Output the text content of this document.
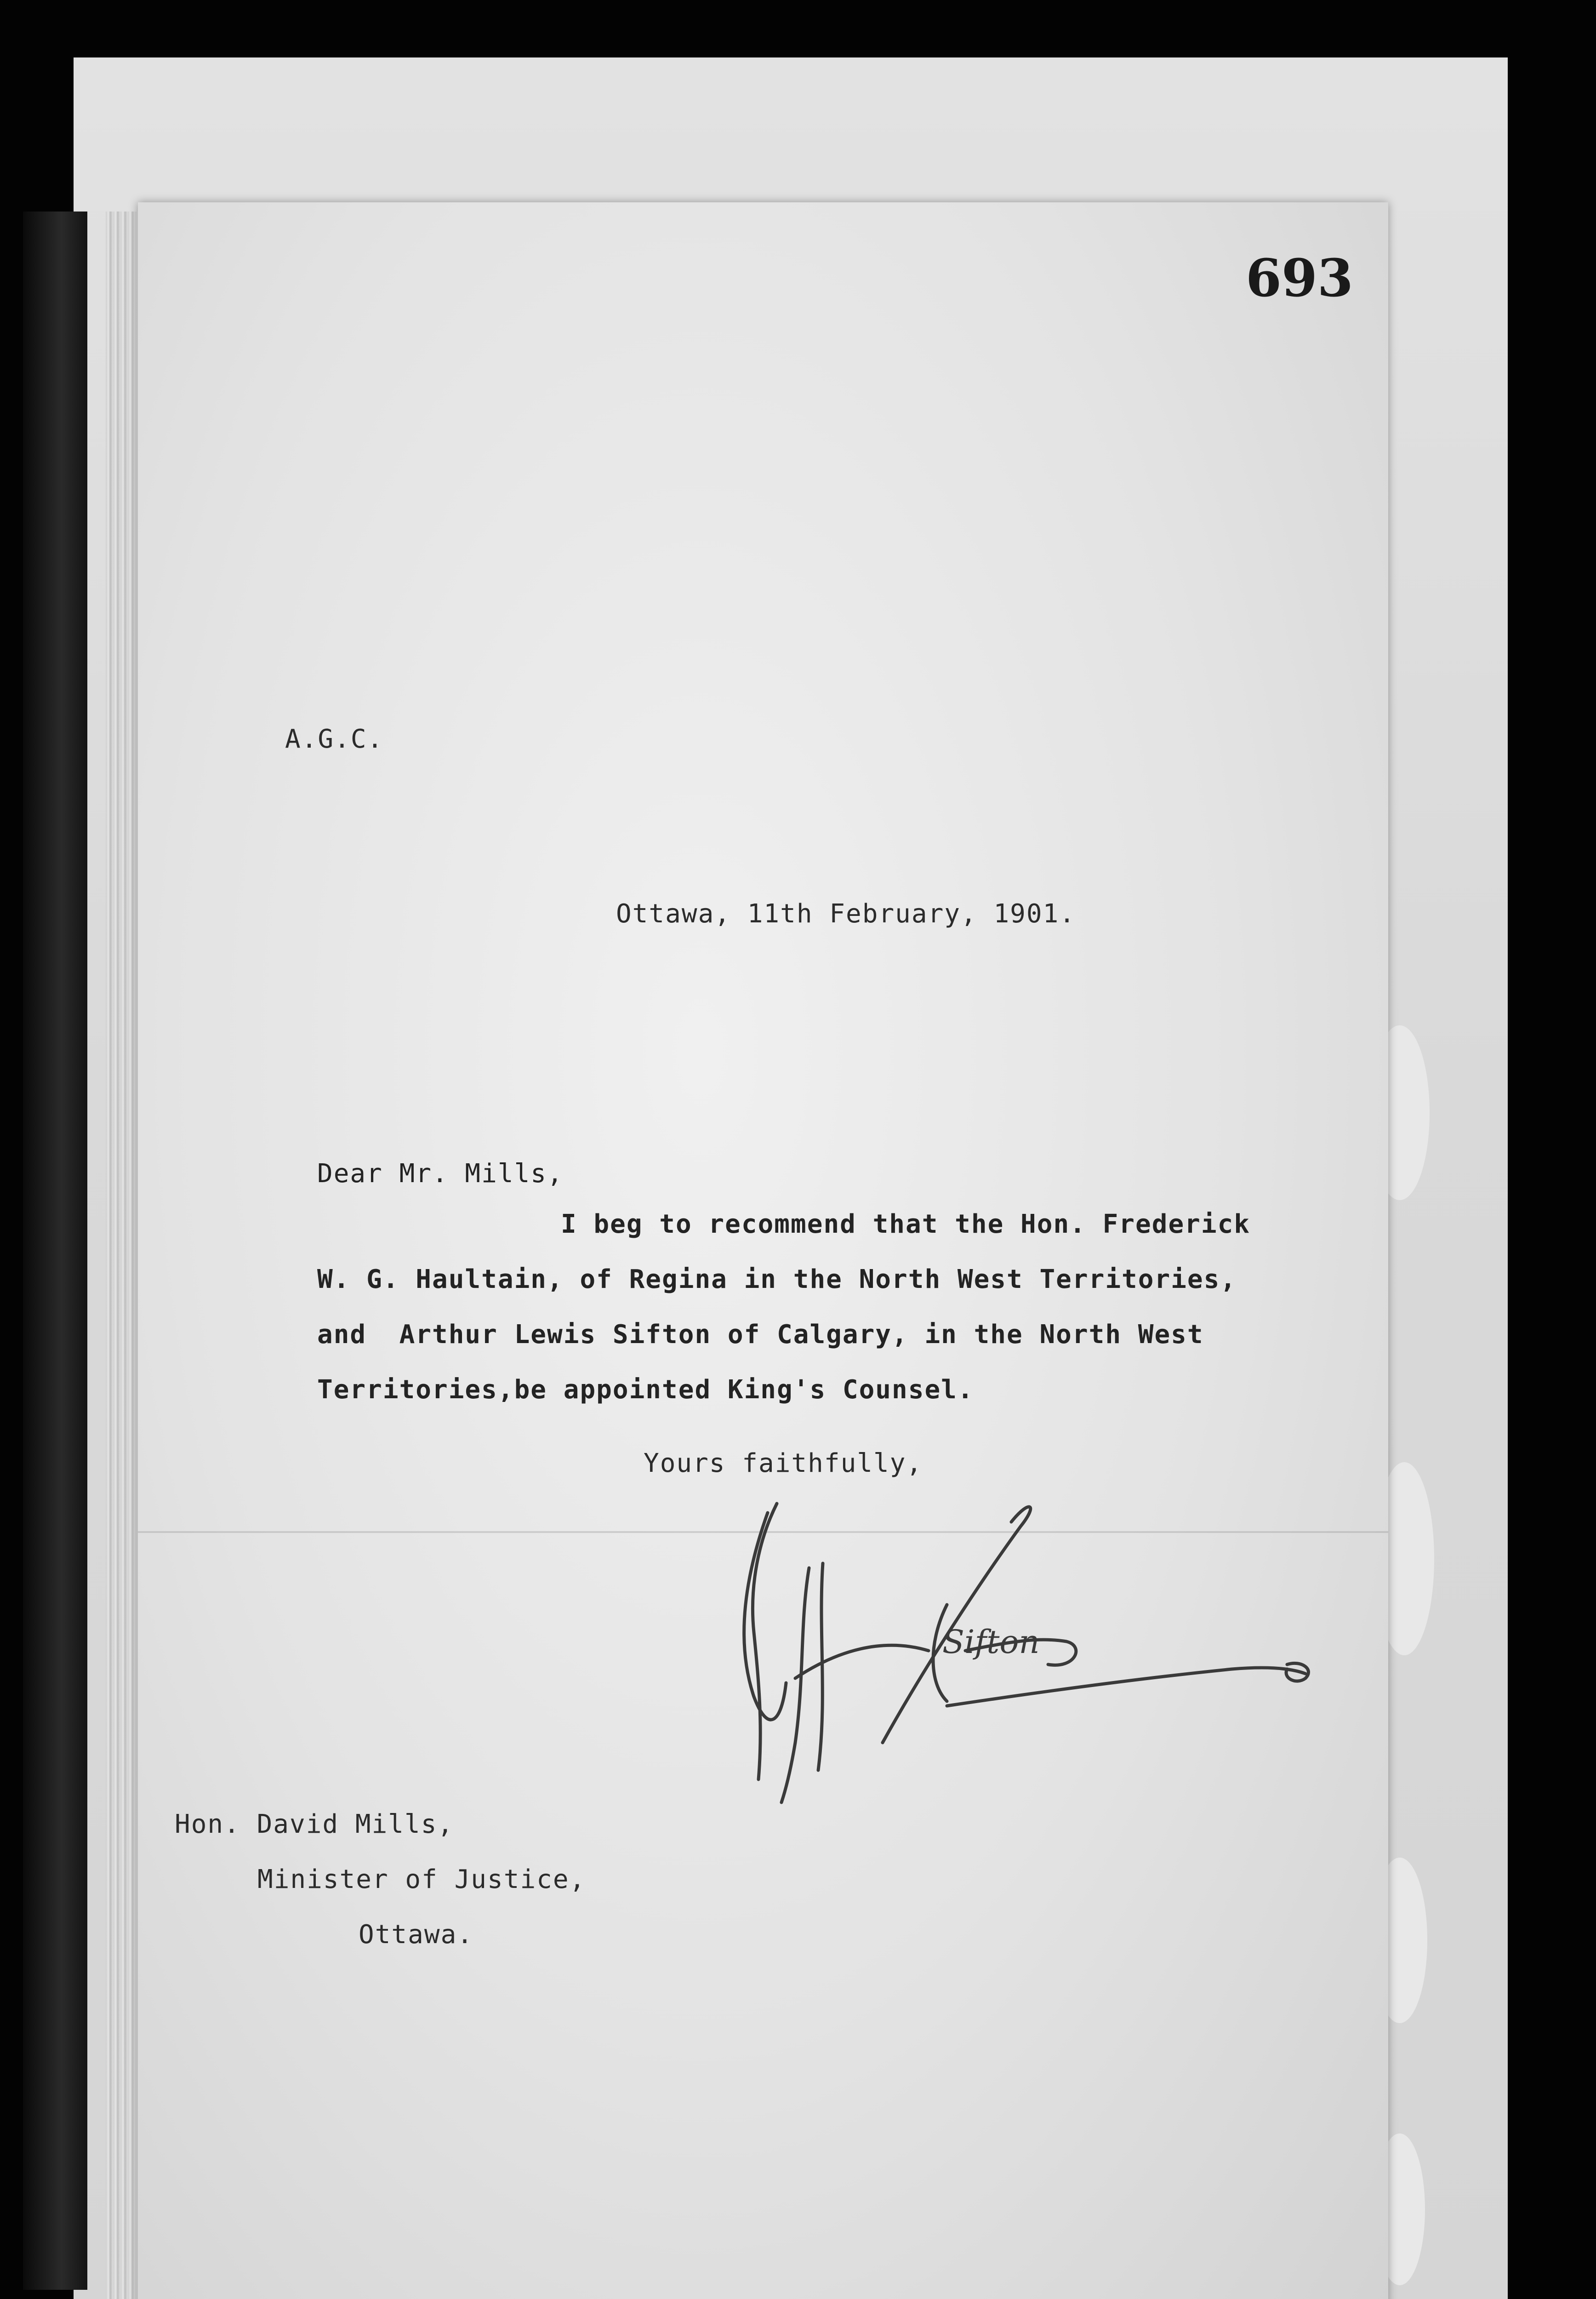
693
A.G.C.
Ottawa, 11th February, 1901.
Dear Mr. Mills,
I beg to recommend that the Hon. Frederick
W. G. Haultain, of Regina in the North West Territories,
and  Arthur Lewis Sifton of Calgary, in the North West
Territories,be appointed King's Counsel.
Yours faithfully,
Sifton
Hon. David Mills,
Minister of Justice,
Ottawa.
